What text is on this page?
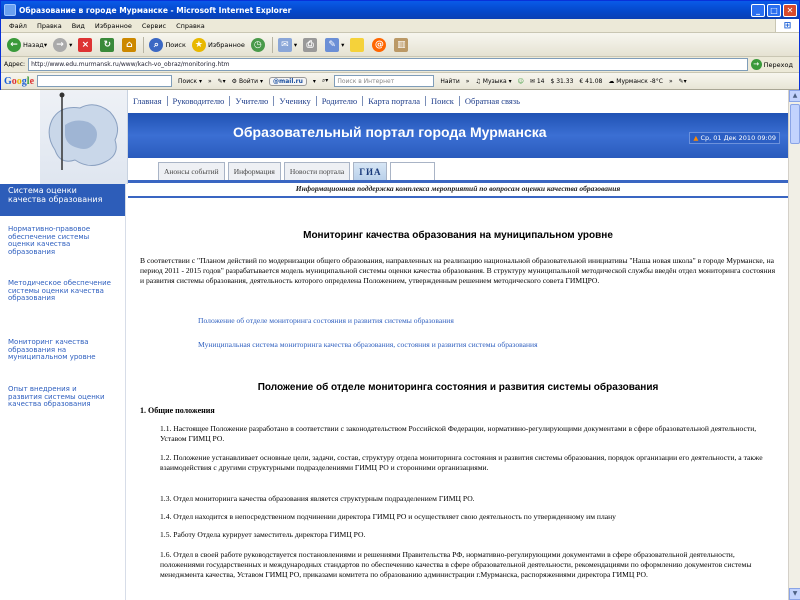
Образование в городе Мурманске - Microsoft Internet Explorer	_	□	✕
Файл	Правка	Вид	Избранное	Сервис	Справка	⊞
← Назад ▾	→ ▾	×	↻	⌂	⌕ Поиск ★ Избранное	◷	✉ ▾	⎙	✎ ▾	@	▥
Адрес: http://www.edu.murmansk.ru/www/kach-vo_obraz/monitoring.htm	→ Переход
Google	Поиск ▾ » ✎▾ ⚙ Войти ▾	@mail.ru	▾ ⌕▾	Поиск в Интернет	Найти » ♫ Музыка ▾ ☺ ✉ 14 $ 31.33 € 41.08 ☁ Мурманск -8°С » ✎▾
Главная	Руководителю	Учителю	Ученику	Родителю	Карта портала	Поиск	Обратная связь
Образовательный портал города Мурманска	▲ Ср, 01 Дек 2010 09:09
Анонсы событий	Информация	Новости портала	ГИА
Система оценки качества образования
Нормативно-правовое обеспечение системы оценки качества образования
Методическое обеспечение системы оценки качества образования
Мониторинг качества образования на муниципальном уровне
Опыт внедрения и развития системы оценки качества образования
Информационная поддержка комплекса мероприятий по вопросам оценки качества образования
Мониторинг качества образования на муниципальном уровне
В соответствии с "Планом действий по модернизации общего образования, направленных на реализацию национальной образовательной инициативы "Наша новая школа" в городе Мурманске, на период 2011 - 2015 годов" разрабатывается модель муниципальной системы оценки качества образования. В структуру муниципальной методической службы введён отдел мониторинга состояния и развития системы образования, деятельность которого определена Положением, утвержденным решением методического совета ГИМЦРО.
Положение об отделе мониторинга состояния и развития системы образования
Муниципальная система мониторинга качества образования, состояния и развития системы образования
Положение об отделе мониторинга состояния и развития системы образования
1. Общие положения
1.1. Настоящее Положение разработано в соответствии с законодательством Российской Федерации, нормативно-регулирующими документами в сфере образовательной деятельности, Уставом ГИМЦ РО.
1.2. Положение устанавливает основные цели, задачи, состав, структуру отдела мониторинга состояния и развития системы образования, порядок организации его деятельности, а также взаимодействия с другими структурными подразделениями ГИМЦ РО и сторонними организациями.
1.3. Отдел мониторинга качества образования является структурным подразделением ГИМЦ РО.
1.4. Отдел находится в непосредственном подчинении директора ГИМЦ РО и осуществляет свою деятельность по утвержденному им плану
1.5. Работу Отдела курирует заместитель директора ГИМЦ РО.
1.6. Отдел в своей работе руководствуется постановлениями и решениями Правительства РФ, нормативно-регулирующими документами в сфере образовательной деятельности, положениями государственных и международных стандартов по обеспечению качества в сфере образовательной деятельности, рекомендациями по оформлению документов системы менеджмента качества, Уставом ГИМЦ РО, приказами комитета по образованию администрации г.Мурманска, распоряжениями директора ГИМЦ РО.
▲
▼
